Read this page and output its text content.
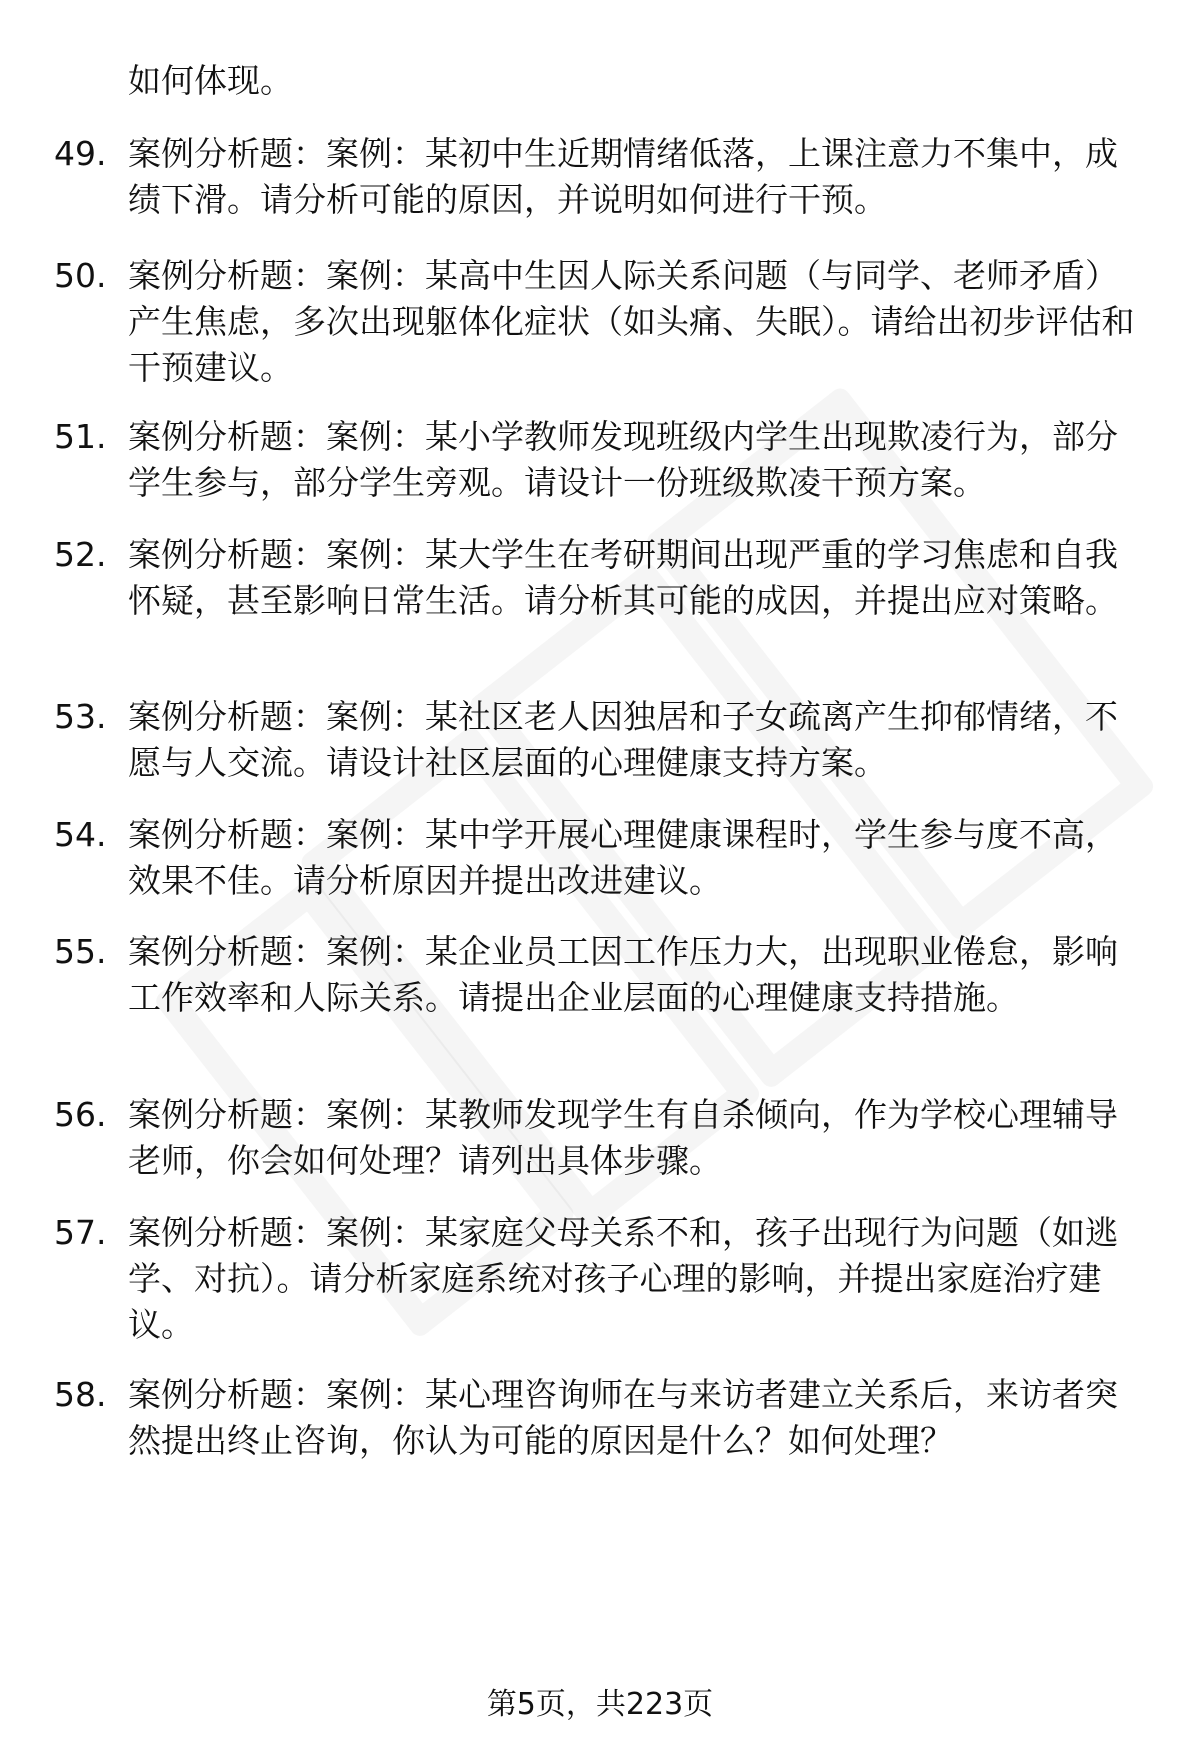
如何体现。
49. 案例分析题：案例：某初中生近期情绪低落，上课注意力不集中，成绩下滑。请分析可能的原因，并说明如何进行干预。
50. 案例分析题：案例：某高中生因人际关系问题（与同学、老师矛盾）产生焦虑，多次出现躯体化症状（如头痛、失眠）。请给出初步评估和干预建议。
51. 案例分析题：案例：某小学教师发现班级内学生出现欺凌行为，部分学生参与，部分学生旁观。请设计一份班级欺凌干预方案。
52. 案例分析题：案例：某大学生在考研期间出现严重的学习焦虑和自我怀疑，甚至影响日常生活。请分析其可能的成因，并提出应对策略。
53. 案例分析题：案例：某社区老人因独居和子女疏离产生抑郁情绪，不愿与人交流。请设计社区层面的心理健康支持方案。
54. 案例分析题：案例：某中学开展心理健康课程时，学生参与度不高，效果不佳。请分析原因并提出改进建议。
55. 案例分析题：案例：某企业员工因工作压力大，出现职业倦怠，影响工作效率和人际关系。请提出企业层面的心理健康支持措施。
56. 案例分析题：案例：某教师发现学生有自杀倾向，作为学校心理辅导老师，你会如何处理？请列出具体步骤。
57. 案例分析题：案例：某家庭父母关系不和，孩子出现行为问题（如逃学、对抗）。请分析家庭系统对孩子心理的影响，并提出家庭治疗建议。
58. 案例分析题：案例：某心理咨询师在与来访者建立关系后，来访者突然提出终止咨询，你认为可能的原因是什么？如何处理？
第5页，共223页
